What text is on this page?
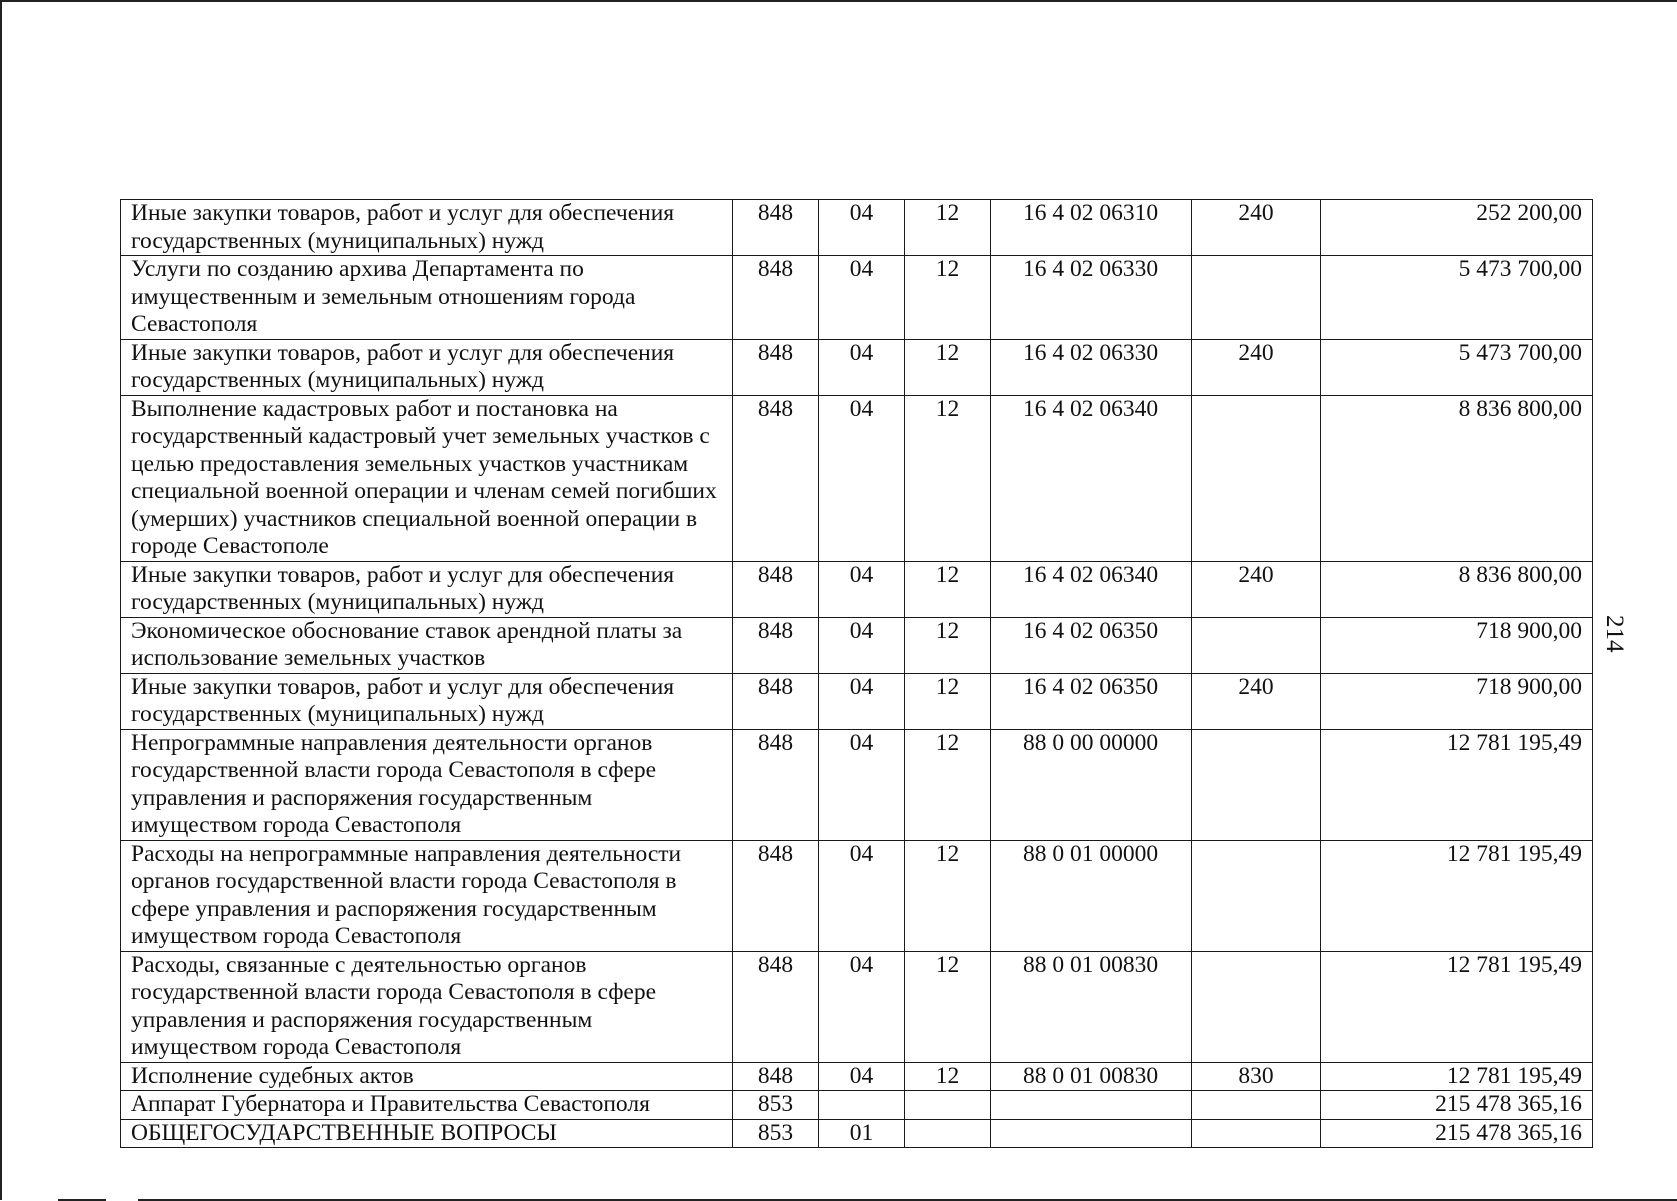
Иные закупки товаров, работ и услуг для обеспечения государственных (муниципальных) нужд	848	04	12	16 4 02 06310	240	252 200,00
Услуги по созданию архива Департамента по имущественным и земельным отношениям города Севастополя	848	04	12	16 4 02 06330		5 473 700,00
Иные закупки товаров, работ и услуг для обеспечения государственных (муниципальных) нужд	848	04	12	16 4 02 06330	240	5 473 700,00
Выполнение кадастровых работ и постановка на государственный кадастровый учет земельных участков с целью предоставления земельных участков участникам специальной военной операции и членам семей погибших (умерших) участников специальной военной операции в городе Севастополе	848	04	12	16 4 02 06340		8 836 800,00
Иные закупки товаров, работ и услуг для обеспечения государственных (муниципальных) нужд	848	04	12	16 4 02 06340	240	8 836 800,00
Экономическое обоснование ставок арендной платы за использование земельных участков	848	04	12	16 4 02 06350		718 900,00
Иные закупки товаров, работ и услуг для обеспечения государственных (муниципальных) нужд	848	04	12	16 4 02 06350	240	718 900,00
Непрограммные направления деятельности органов государственной власти города Севастополя в сфере управления и распоряжения государственным имуществом города Севастополя	848	04	12	88 0 00 00000		12 781 195,49
Расходы на непрограммные направления деятельности органов государственной власти города Севастополя в сфере управления и распоряжения государственным имуществом города Севастополя	848	04	12	88 0 01 00000		12 781 195,49
Расходы, связанные с деятельностью органов государственной власти города Севастополя в сфере управления и распоряжения государственным имуществом города Севастополя	848	04	12	88 0 01 00830		12 781 195,49
Исполнение судебных актов	848	04	12	88 0 01 00830	830	12 781 195,49
Аппарат Губернатора и Правительства Севастополя	853					215 478 365,16
ОБЩЕГОСУДАРСТВЕННЫЕ ВОПРОСЫ	853	01				215 478 365,16
214
